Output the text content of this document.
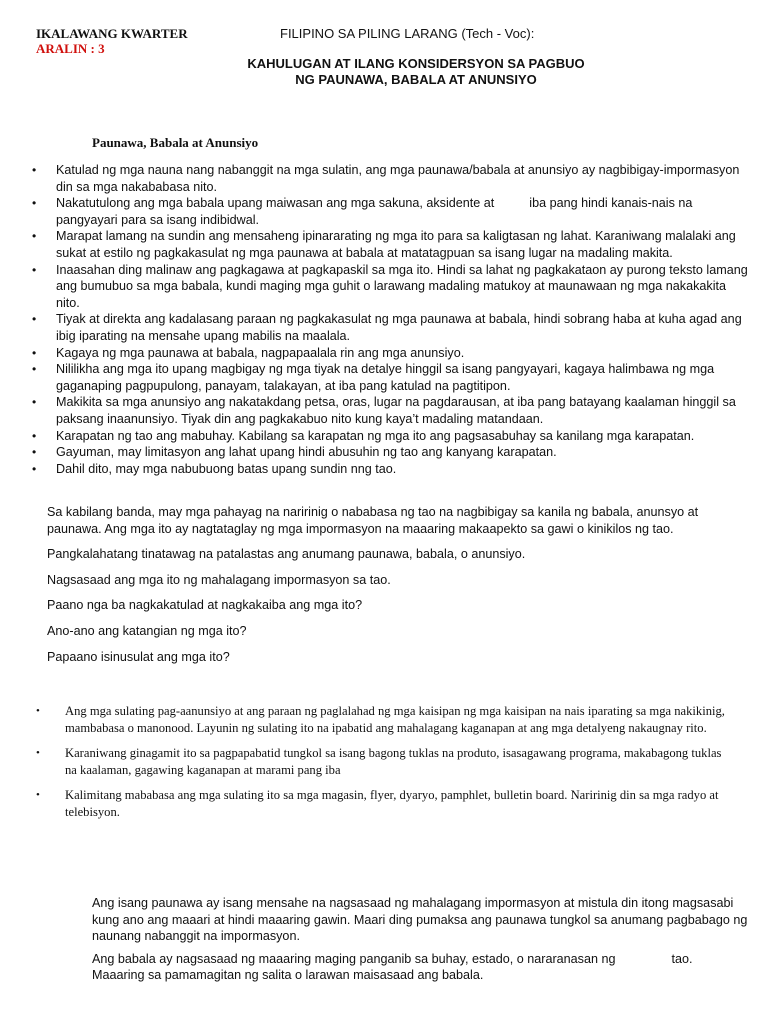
IKALAWANG KWARTER	FILIPINO SA PILING LARANG (Tech - Voc):
ARALIN : 3
KAHULUGAN AT ILANG KONSIDERSYON SA PAGBUO
NG PAUNAWA, BABALA AT ANUNSIYO
Paunawa, Babala at Anunsiyo
• Katulad ng mga nauna nang nabanggit na mga sulatin, ang mga paunawa/babala at anunsiyo ay nagbibigay-impormasyon din sa mga nakababasa nito.
• Nakatutulong ang mga babala upang maiwasan ang mga sakuna, aksidente at          iba pang hindi kanais-nais na pangyayari para sa isang indibidwal.
• Marapat lamang na sundin ang mensaheng ipinararating ng mga ito para sa kaligtasan ng lahat. Karaniwang malalaki ang sukat at estilo ng pagkakasulat ng mga paunawa at babala at matatagpuan sa isang lugar na madaling makita.
• Inaasahan ding malinaw ang pagkagawa at pagkapaskil sa mga ito. Hindi sa lahat ng pagkakataon ay purong teksto lamang ang bumubuo sa mga babala, kundi maging mga guhit o larawang madaling matukoy at maunawaan ng mga nakakakita nito.
• Tiyak at direkta ang kadalasang paraan ng pagkakasulat ng mga paunawa at babala, hindi sobrang haba at kuha agad ang ibig iparating na mensahe upang mabilis na maalala.
• Kagaya ng mga paunawa at babala, nagpapaalala rin ang mga anunsiyo.
• Nililikha ang mga ito upang magbigay ng mga tiyak na detalye hinggil sa isang pangyayari, kagaya halimbawa ng mga gaganaping pagpupulong, panayam, talakayan, at iba pang katulad na pagtitipon.
• Makikita sa mga anunsiyo ang nakatakdang petsa, oras, lugar na pagdarausan, at iba pang batayang kaalaman hinggil sa paksang inaanunsiyo. Tiyak din ang pagkakabuo nito kung kaya’t madaling matandaan.
• Karapatan ng tao ang mabuhay. Kabilang sa karapatan ng mga ito ang pagsasabuhay sa kanilang mga karapatan.
• Gayuman, may limitasyon ang lahat upang hindi abusuhin ng tao ang kanyang karapatan.
• Dahil dito, may mga nabubuong batas upang sundin nng tao.

Sa kabilang banda, may mga pahayag na naririnig o nababasa ng tao na nagbibigay sa kanila ng babala, anunsyo at paunawa. Ang mga ito ay nagtataglay ng mga impormasyon na maaaring makaapekto sa gawi o kinikilos ng tao.

Pangkalahatang tinatawag na patalastas ang anumang paunawa, babala, o anunsiyo.

Nagsasaad ang mga ito ng mahalagang impormasyon sa tao.

Paano nga ba nagkakatulad at nagkakaiba ang mga ito?

Ano-ano ang katangian ng mga ito?

Papaano isinusulat ang mga ito?

• Ang mga sulating pag-aanunsiyo at ang paraan ng paglalahad ng mga kaisipan ng mga kaisipan na nais iparating sa mga nakikinig, mambabasa o manonood. Layunin ng sulating ito na ipabatid ang mahalagang kaganapan at ang mga detalyeng nakaugnay rito.
• Karaniwang ginagamit ito sa pagpapabatid tungkol sa isang bagong tuklas na produto, isasagawang programa, makabagong tuklas na kaalaman, gagawing kaganapan at marami pang iba
• Kalimitang mababasa ang mga sulating ito sa mga magasin, flyer, dyaryo, pamphlet, bulletin board. Naririnig din sa mga radyo at telebisyon.

Ang isang paunawa ay isang mensahe na nagsasaad ng mahalagang impormasyon at mistula din itong magsasabi kung ano ang maaari at hindi maaaring gawin. Maari ding pumaksa ang paunawa tungkol sa anumang pagbabago ng naunang nabanggit na impormasyon.

Ang babala ay nagsasaad ng maaaring maging panganib sa buhay, estado, o nararanasan ng                tao. Maaaring sa pamamagitan ng salita o larawan maisasaad ang babala.
